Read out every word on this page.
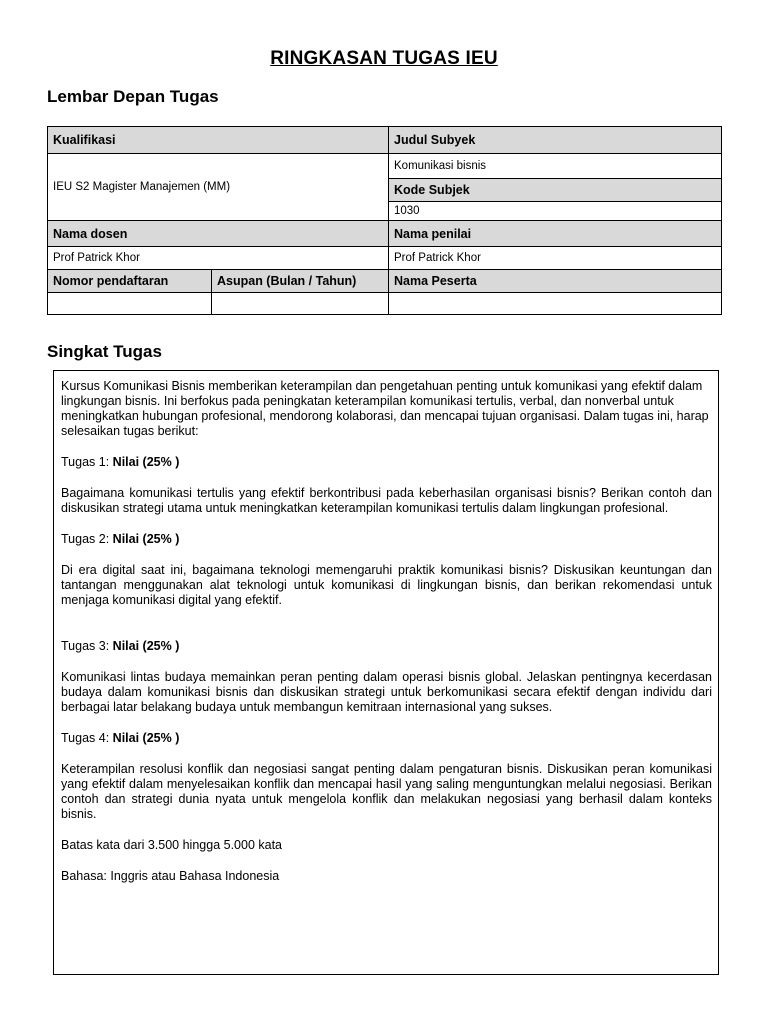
RINGKASAN TUGAS IEU
Lembar Depan Tugas
Kualifikasi		Judul Subyek
IEU S2 Magister Manajemen (MM)		Komunikasi bisnis
		Kode Subjek
		1030
Nama dosen		Nama penilai
Prof Patrick Khor		Prof Patrick Khor
Nomor pendaftaran	Asupan (Bulan / Tahun)	Nama Peserta

Singkat Tugas

Kursus Komunikasi Bisnis memberikan keterampilan dan pengetahuan penting untuk komunikasi yang efektif dalam lingkungan bisnis. Ini berfokus pada peningkatan keterampilan komunikasi tertulis, verbal, dan nonverbal untuk meningkatkan hubungan profesional, mendorong kolaborasi, dan mencapai tujuan organisasi. Dalam tugas ini, harap selesaikan tugas berikut:

Tugas 1: Nilai (25% )

Bagaimana komunikasi tertulis yang efektif berkontribusi pada keberhasilan organisasi bisnis? Berikan contoh dan diskusikan strategi utama untuk meningkatkan keterampilan komunikasi tertulis dalam lingkungan profesional.

Tugas 2: Nilai (25% )

Di era digital saat ini, bagaimana teknologi memengaruhi praktik komunikasi bisnis? Diskusikan keuntungan dan tantangan menggunakan alat teknologi untuk komunikasi di lingkungan bisnis, dan berikan rekomendasi untuk menjaga komunikasi digital yang efektif.

Tugas 3: Nilai (25% )

Komunikasi lintas budaya memainkan peran penting dalam operasi bisnis global. Jelaskan pentingnya kecerdasan budaya dalam komunikasi bisnis dan diskusikan strategi untuk berkomunikasi secara efektif dengan individu dari berbagai latar belakang budaya untuk membangun kemitraan internasional yang sukses.

Tugas 4: Nilai (25% )

Keterampilan resolusi konflik dan negosiasi sangat penting dalam pengaturan bisnis. Diskusikan peran komunikasi yang efektif dalam menyelesaikan konflik dan mencapai hasil yang saling menguntungkan melalui negosiasi. Berikan contoh dan strategi dunia nyata untuk mengelola konflik dan melakukan negosiasi yang berhasil dalam konteks bisnis.

Batas kata dari 3.500 hingga 5.000 kata

Bahasa: Inggris atau Bahasa Indonesia
